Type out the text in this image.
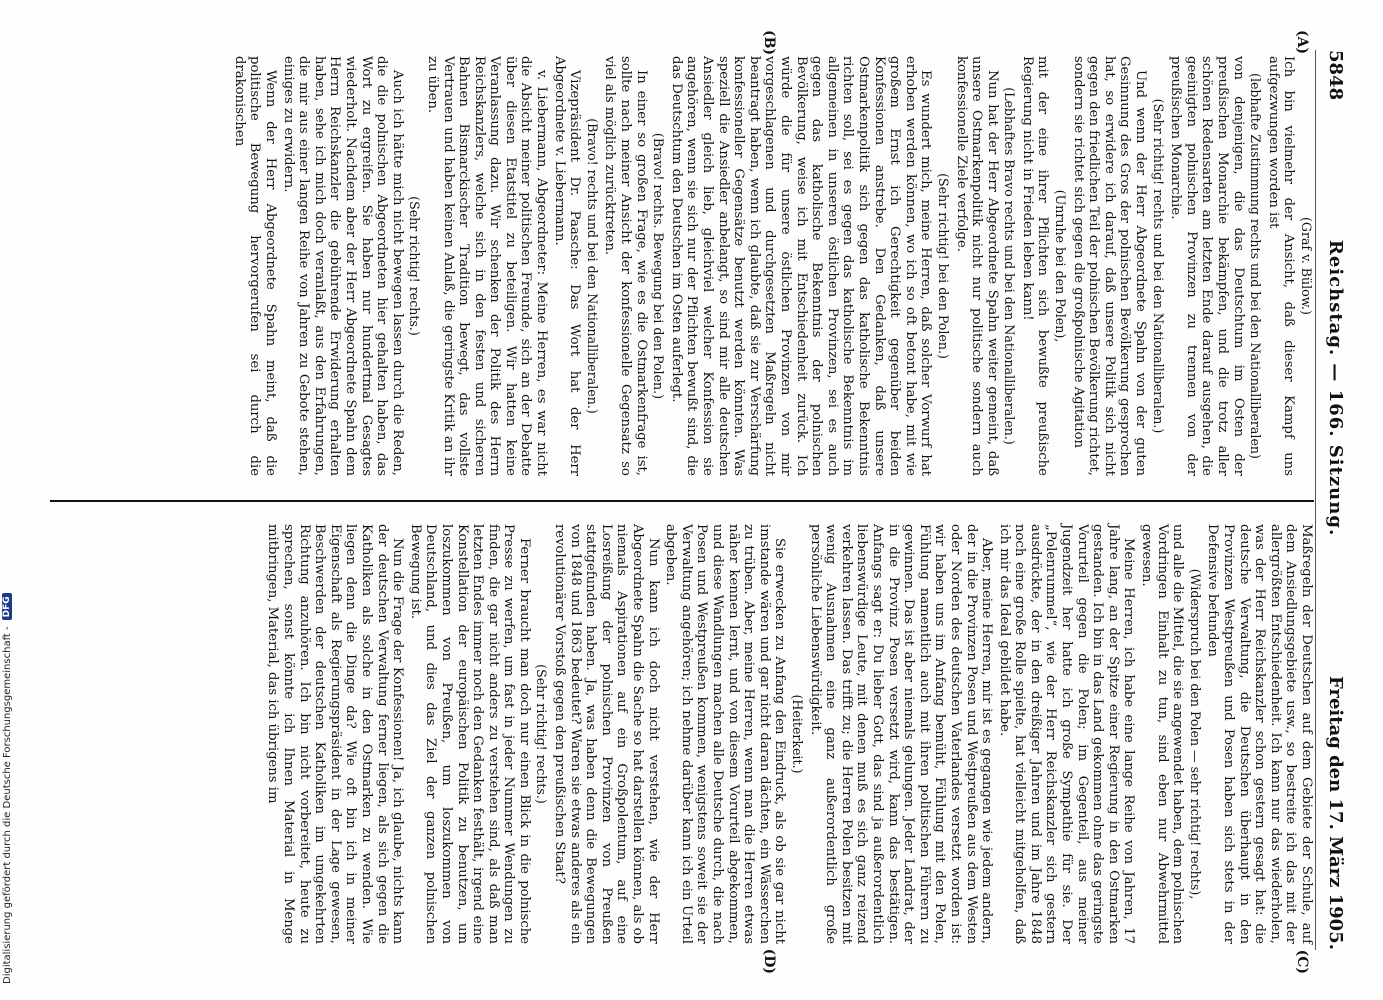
5848
Reichstag. — 166. Sitzung.
Freitag den 17. März 1905.
(A)
(B)
(C)
(D)

(Graf v. Bülow.)

Ich bin vielmehr der Ansicht, daß dieser Kampf uns aufgezwungen worden ist

(lebhafte Zustimmung rechts und bei den Nationalliberalen)

von denjenigen, die das Deutschtum im Osten der preußischen Monarchie bekämpfen, und die trotz aller schönen Redensarten am letzten Ende darauf ausgehen, die geeinigten polnischen Provinzen zu trennen von der preußischen Monarchie.

(Sehr richtig! rechts und bei den Nationalliberalen.)

Und wenn der Herr Abgeordnete Spahn von der guten Gesinnung des Gros der polnischen Bevölkerung gesprochen hat, so erwidere ich darauf, daß unsere Politik sich nicht gegen den friedlichen Teil der polnischen Bevölkerung richtet, sondern sie richtet sich gegen die großpolnische Agitation

(Unruhe bei den Polen),

mit der eine ihrer Pflichten sich bewußte preußische Regierung nicht in Frieden leben kann!

(Lebhaftes Bravo rechts und bei den Nationalliberalen.)

Nun hat der Herr Abgeordnete Spahn weiter gemeint, daß unsere Ostmarkenpolitik nicht nur politische sondern auch konfessionelle Ziele verfolge.

(Sehr richtig! bei den Polen.)

Es wundert mich, meine Herren, daß solcher Vorwurf hat erhoben werden können, wo ich so oft betont habe, mit wie großem Ernst ich Gerechtigkeit gegenüber beiden Konfessionen anstrebe. Den Gedanken, daß unsere Ostmarkenpolitik sich gegen das katholische Bekenntnis richten soll, sei es gegen das katholische Bekenntnis im allgemeinen in unseren östlichen Provinzen, sei es auch gegen das katholische Bekenntnis der polnischen Bevölkerung, weise ich mit Entschiedenheit zurück. Ich würde die für unsere östlichen Provinzen von mir vorgeschlagenen und durchgesetzten Maßregeln nicht beantragt haben, wenn ich glaubte, daß sie zur Verschärfung konfessioneller Gegensätze benutzt werden könnten. Was speziell die Ansiedler anbelangt, so sind mir alle deutschen Ansiedler gleich lieb, gleichviel welcher Konfession sie angehören, wenn sie sich nur der Pflichten bewußt sind, die das Deutschtum den Deutschen im Osten auferlegt.

(Bravo! rechts. Bewegung bei den Polen.)

In einer so großen Frage, wie es die Ostmarkenfrage ist, sollte nach meiner Ansicht der konfessionelle Gegensatz so viel als möglich zurücktreten.

(Bravo! rechts und bei den Nationalliberalen.)

Vizepräsident Dr. Paasche: Das Wort hat der Herr Abgeordnete v. Liebermann.

v. Liebermann, Abgeordneter: Meine Herren, es war nicht die Absicht meiner politischen Freunde, sich an der Debatte über diesen Etatstitel zu beteiligen. Wir hatten keine Veranlassung dazu. Wir schenken der Politik des Herrn Reichskanzlers, welche sich in den festen und sicheren Bahnen Bismarckischer Tradition bewegt, das vollste Vertrauen und haben keinen Anlaß, die geringste Kritik an ihr zu üben.

(Sehr richtig! rechts.)

Auch ich hätte mich nicht bewegen lassen durch die Reden, die die polnischen Abgeordneten hier gehalten haben, das Wort zu ergreifen. Sie haben nur hundertmal Gesagtes wiederholt. Nachdem aber der Herr Abgeordnete Spahn dem Herrn Reichskanzler die gebührende Erwiderung erhalten haben, sehe ich mich doch veranlaßt, aus den Erfahrungen, die mir aus einer langen Reihe von Jahren zu Gebote stehen, einiges zu erwidern.

Wenn der Herr Abgeordnete Spahn meint, daß die politische Bewegung hervorgerufen sei durch die drakonischen

Maßregeln der Deutschen auf dem Gebiete der Schule, auf dem Ansiedlungsgebiete usw., so bestreite ich das mit der allergrößten Entschiedenheit. Ich kann nur das wiederholen, was der Herr Reichskanzler schon gestern gesagt hat: die deutsche Verwaltung, die Deutschen überhaupt in den Provinzen Westpreußen und Posen haben sich stets in der Defensive befunden

(Widerspruch bei den Polen — sehr richtig! rechts),

und alle die Mittel, die sie angewendet haben, dem polnischen Vordringen Einhalt zu tun, sind eben nur Abwehrmittel gewesen.

Meine Herren, ich habe eine lange Reihe von Jahren, 17 Jahre lang, an der Spitze einer Regierung in den Ostmarken gestanden. Ich bin in das Land gekommen ohne das geringste Vorurteil gegen die Polen; im Gegenteil, aus meiner Jugendzeit her hatte ich große Sympathie für sie. Der „Polenrummel“, wie der Herr Reichskanzler sich gestern ausdrückte, der in den dreißiger Jahren und im Jahre 1848 noch eine große Rolle spielte, hat vielleicht mitgeholfen, daß ich mir das Ideal gebildet habe.

Aber, meine Herren, mir ist es gegangen wie jedem andern, der in die Provinzen Posen und Westpreußen aus dem Westen oder Norden des deutschen Vaterlandes versetzt worden ist: wir haben uns im Anfang bemüht, Fühlung mit den Polen, Fühlung namentlich auch mit ihren politischen Führern zu gewinnen. Das ist aber niemals gelungen. Jeder Landrat, der in die Provinz Posen versetzt wird, kann das bestätigen. Anfangs sagt er: Du lieber Gott, das sind ja außerordentlich liebenswürdige Leute, mit denen muß es sich ganz reizend verkehren lassen. Das trifft zu; die Herren Polen besitzen mit wenig Ausnahmen eine ganz außerordentlich große persönliche Liebenswürdigkeit.

(Heiterkeit.)

Sie erwecken zu Anfang den Eindruck, als ob sie gar nicht imstande wären und gar nicht daran dächten, ein Wässerchen zu trüben. Aber, meine Herren, wenn man die Herren etwas näher kennen lernt, und von diesem Vorurteil abgekommen, und diese Wandlungen machen alle Deutsche durch, die nach Posen und Westpreußen kommen, wenigstens soweit sie der Verwaltung angehören; ich nehme darüber kann ich ein Urteil abgeben.

Nun kann ich doch nicht verstehen, wie der Herr Abgeordnete Spahn die Sache so hat darstellen können, als ob niemals Aspirationen auf ein Großpolentum, auf eine Losreißung der polnischen Provinzen von Preußen stattgefunden haben. Ja, was haben denn die Bewegungen von 1848 und 1863 bedeutet? Waren sie etwas anderes als ein revolutionärer Vorstoß gegen den preußischen Staat?

(Sehr richtig! rechts.)

Ferner braucht man doch nur einen Blick in die polnische Presse zu werfen, um fast in jeder Nummer Wendungen zu finden, die gar nicht anders zu verstehen sind, als daß man letzten Endes immer noch den Gedanken festhält, irgend eine Konstellation der europäischen Politik zu benutzen, um loszukommen von Preußen, um loszukommen von Deutschland, und dies das Ziel der ganzen polnischen Bewegung ist.

Nun die Frage der Konfessionen! Ja, ich glaube, nichts kann der deutschen Verwaltung ferner liegen, als sich gegen die Katholiken als solche in den Ostmarken zu wenden. Wie liegen denn die Dinge da? Wie oft bin ich in meiner Eigenschaft als Regierungspräsident in der Lage gewesen, Beschwerden der deutschen Katholiken im umgekehrten Richtung anzuhören. Ich bin nicht vorbereitet, heute zu sprechen, sonst könnte ich Ihnen Material in Menge mitbringen, Material, das ich übrigens im

Digitalisierung gefördert durch die Deutsche Forschungsgemeinschaft -
DFG
